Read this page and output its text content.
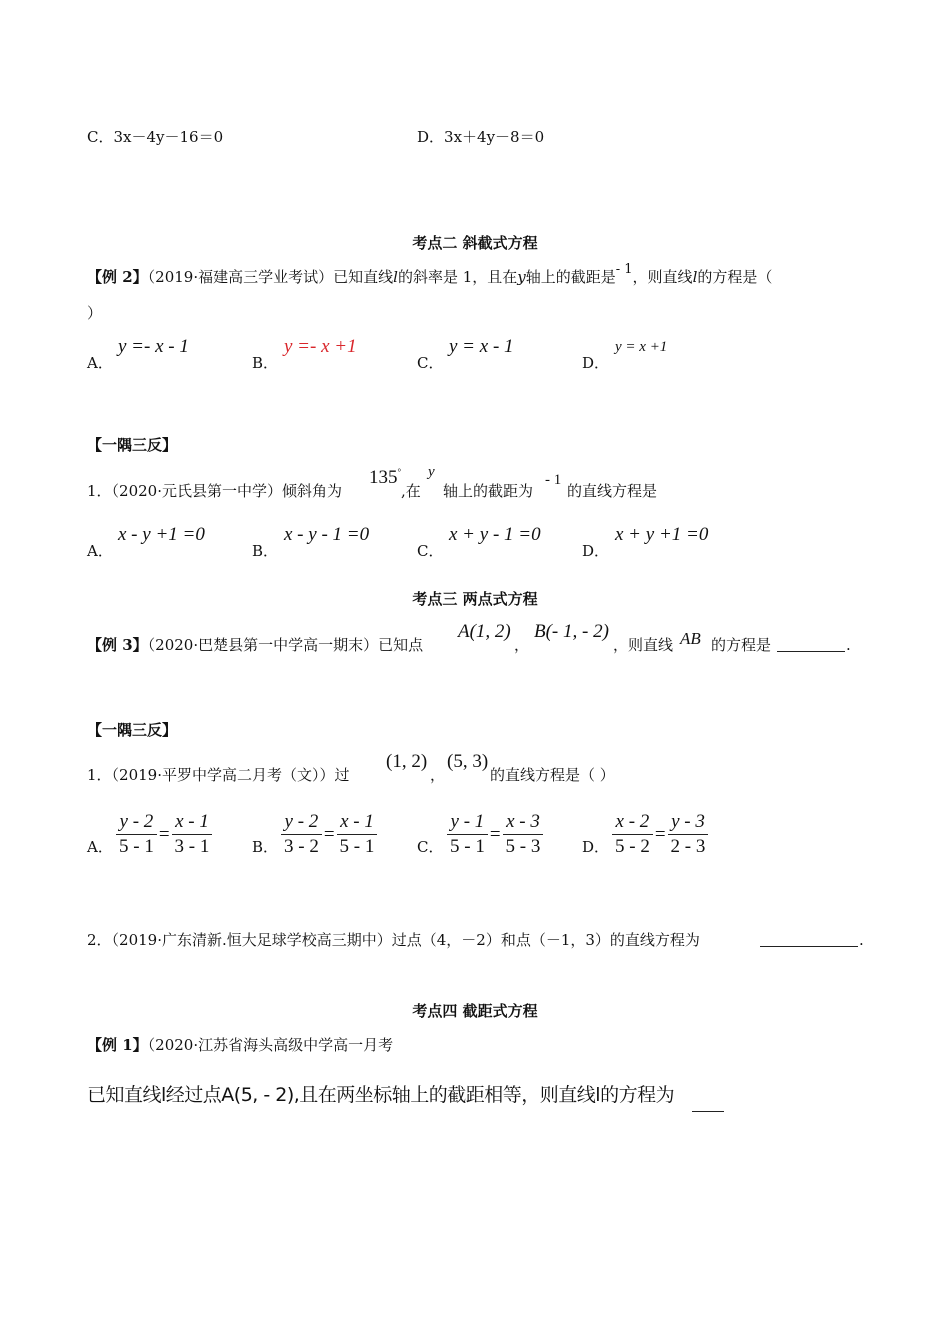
C．3x－4y－16＝0	D．3x＋4y－8＝0
考点二 斜截式方程
【例 2】（2019·福建高三学业考试）已知直线l的斜率是 1，且在y轴上的截距是- 1，则直线l的方程是（
）
A．
y =- x - 1
B．
y =- x +1
C．
y = x - 1
D．
y = x +1
【一隅三反】
1．（2020·元氏县第一中学）倾斜角为
135°
,在
y
轴上的截距为
- 1
的直线方程是
A．
x - y +1 =0
B．
x - y - 1 =0
C．
x + y - 1 =0
D．
x + y +1 =0
考点三 两点式方程
【例 3】（2020·巴楚县第一中学高一期末）已知点
A(1, 2)
，
B(- 1, - 2)
，则直线 AB 的方程是	.
【一隅三反】
1．（2019·平罗中学高二月考（文））过
(1, 2)
，
(5, 3)
的直线方程是（ ）
A． $\frac{y - 2}{5 - 1} = \frac{x - 1}{3 - 1}$	B． $\frac{y - 2}{3 - 2} = \frac{x - 1}{5 - 1}$	C． $\frac{y - 1}{5 - 1} = \frac{x - 3}{5 - 3}$	D． $\frac{x - 2}{5 - 2} = \frac{y - 3}{2 - 3}$
2．（2019·广东清新.恒大足球学校高三期中）过点（4，－2）和点（－1，3）的直线方程为	.
考点四 截距式方程
【例 1】（2020·江苏省海头高级中学高一月考
已知直线l经过点A(5, - 2),且在两坐标轴上的截距相等，则直线l的方程为
